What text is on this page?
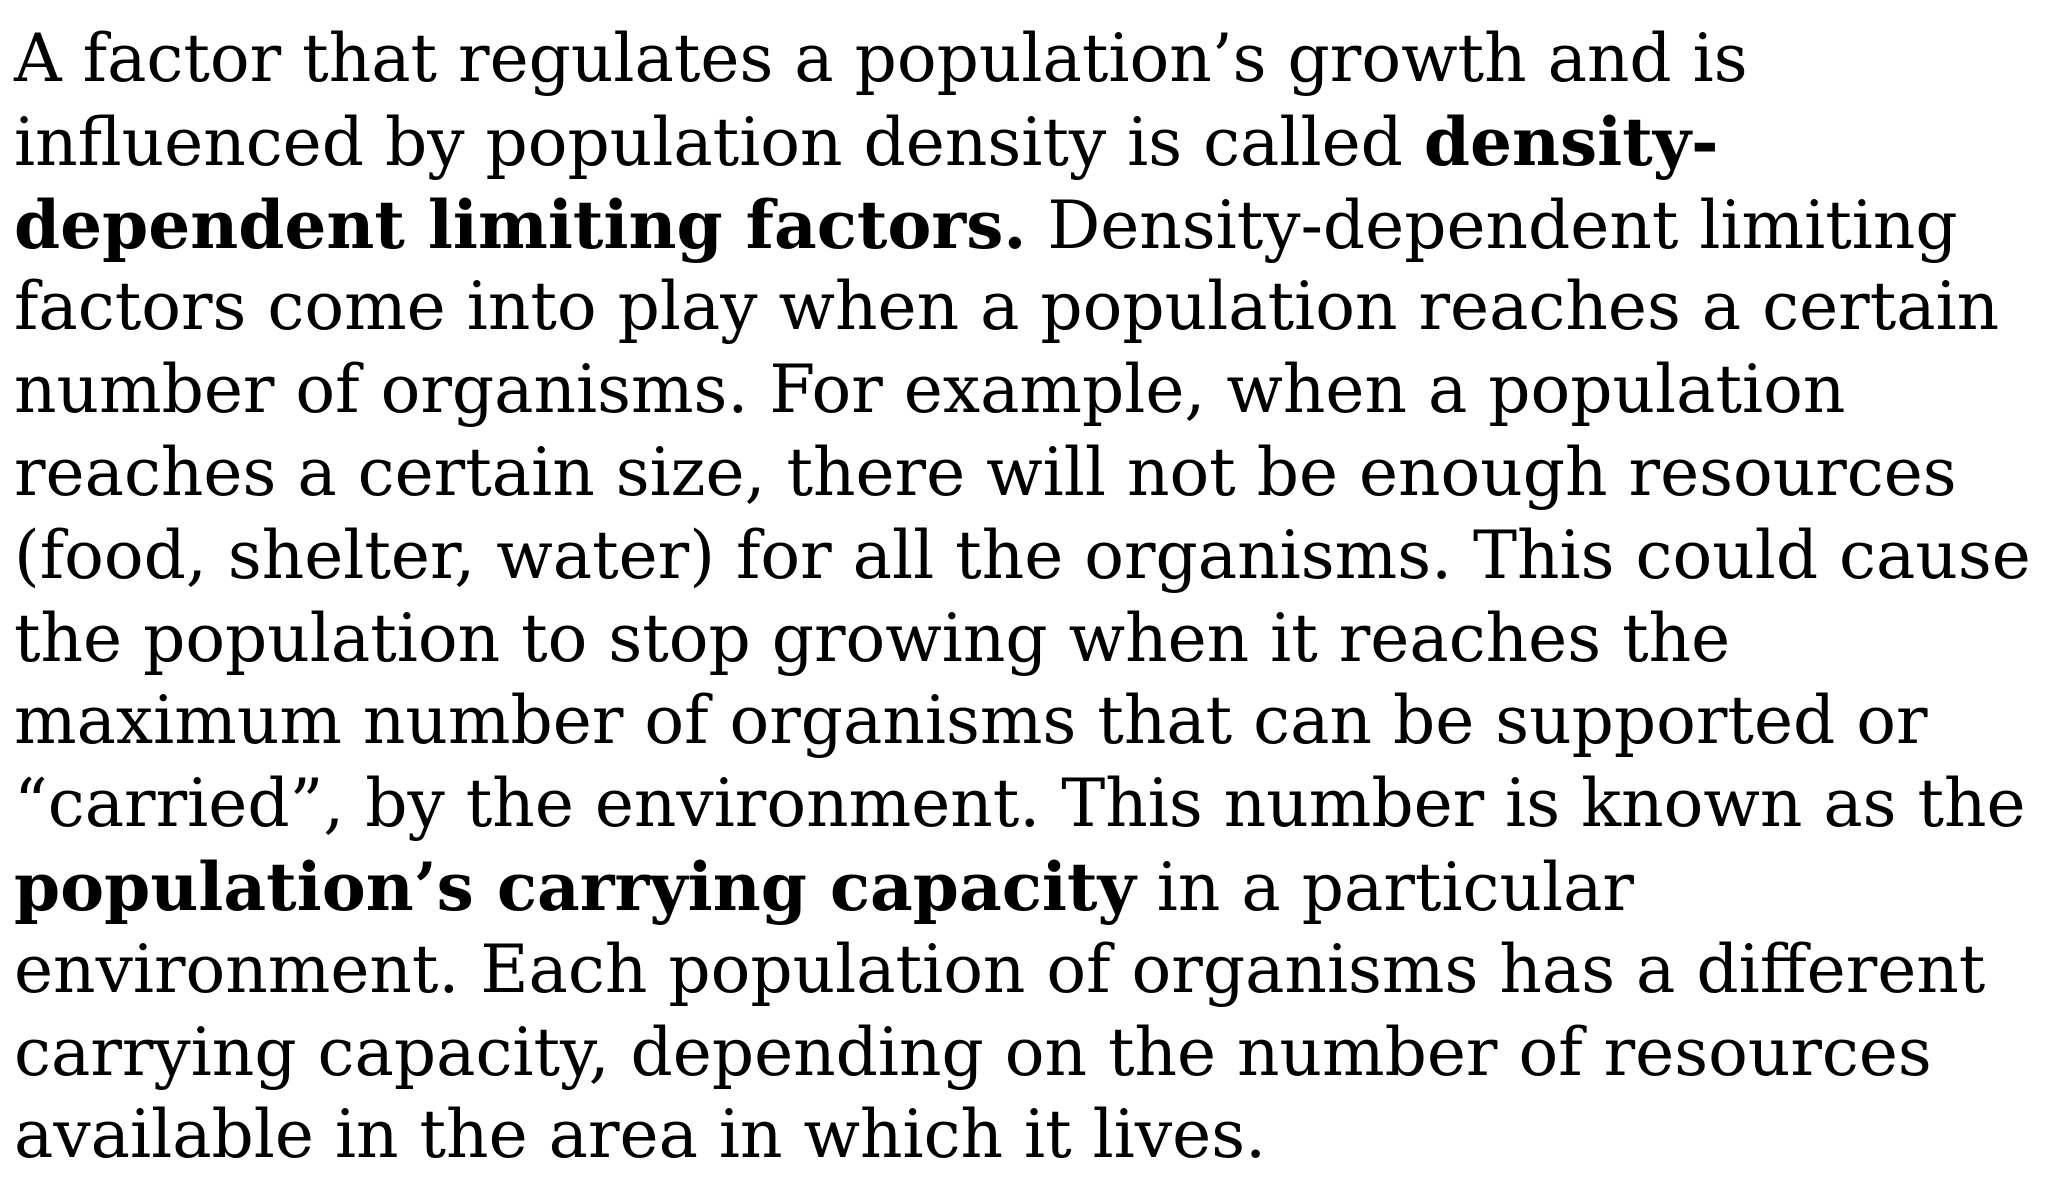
A factor that regulates a population’s growth and is
influenced by population density is called density-
dependent limiting factors. Density-dependent limiting
factors come into play when a population reaches a certain
number of organisms. For example, when a population
reaches a certain size, there will not be enough resources
(food, shelter, water) for all the organisms. This could cause
the population to stop growing when it reaches the
maximum number of organisms that can be supported or
“carried”, by the environment. This number is known as the
population’s carrying capacity in a particular
environment. Each population of organisms has a different
carrying capacity, depending on the number of resources
available in the area in which it lives.
